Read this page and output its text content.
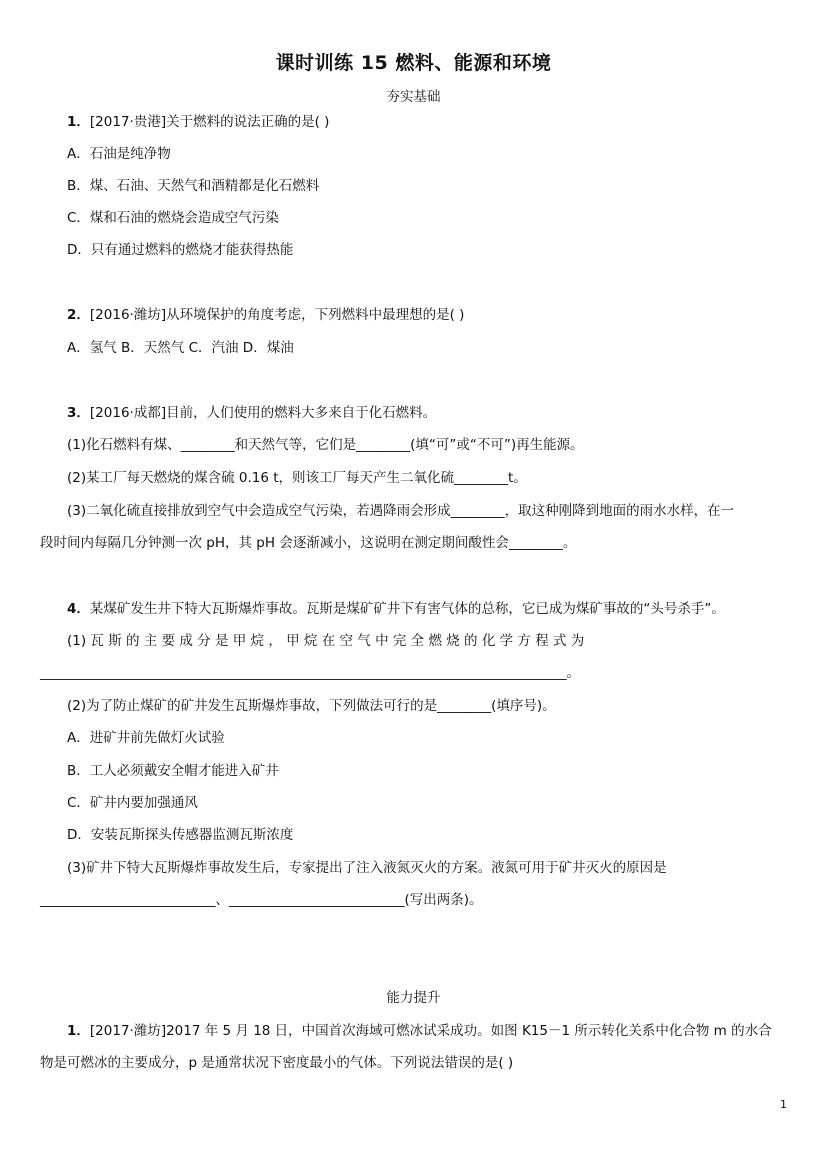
课时训练 15 燃料、能源和环境
夯实基础
1．[2017·贵港]关于燃料的说法正确的是( )
A．石油是纯净物
B．煤、石油、天然气和酒精都是化石燃料
C．煤和石油的燃烧会造成空气污染
D．只有通过燃料的燃烧才能获得热能
2．[2016·潍坊]从环境保护的角度考虑，下列燃料中最理想的是( )
A．氢气 B．天然气 C．汽油 D．煤油
3．[2016·成都]目前，人们使用的燃料大多来自于化石燃料。
(1)化石燃料有煤、________和天然气等，它们是________(填“可”或“不可”)再生能源。
(2)某工厂每天燃烧的煤含硫 0.16 t，则该工厂每天产生二氧化硫________t。
(3)二氧化硫直接排放到空气中会造成空气污染，若遇降雨会形成________，取这种刚降到地面的雨水水样，在一
段时间内每隔几分钟测一次 pH，其 pH 会逐渐减小，这说明在测定期间酸性会________。
4．某煤矿发生井下特大瓦斯爆炸事故。瓦斯是煤矿矿井下有害气体的总称，它已成为煤矿事故的“头号杀手”。
(1) 瓦 斯 的 主 要 成 分 是 甲 烷 ， 甲 烷 在 空 气 中 完 全 燃 烧 的 化 学 方 程 式 为
______________________________________________________________________________。
(2)为了防止煤矿的矿井发生瓦斯爆炸事故，下列做法可行的是________(填序号)。
A．进矿井前先做灯火试验
B．工人必须戴安全帽才能进入矿井
C．矿井内要加强通风
D．安装瓦斯探头传感器监测瓦斯浓度
(3)矿井下特大瓦斯爆炸事故发生后，专家提出了注入液氮灭火的方案。液氮可用于矿井灭火的原因是
__________________________、__________________________(写出两条)。
能力提升
1．[2017·潍坊]2017 年 5 月 18 日，中国首次海域可燃冰试采成功。如图 K15－1 所示转化关系中化合物 m 的水合
物是可燃冰的主要成分，p 是通常状况下密度最小的气体。下列说法错误的是( )
1
